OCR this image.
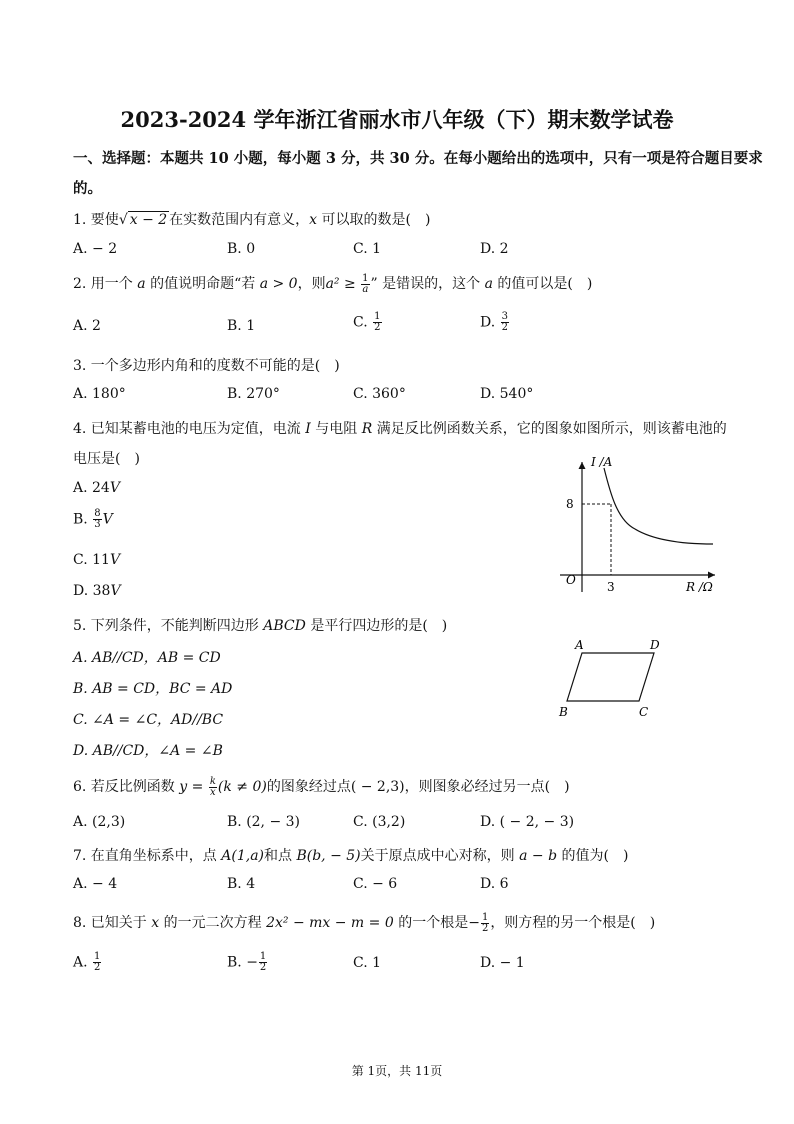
2023-2024 学年浙江省丽水市八年级（下）期末数学试卷
一、选择题：本题共 10 小题，每小题 3 分，共 30 分。在每小题给出的选项中，只有一项是符合题目要求
的。
1. 要使√ x − 2 在实数范围内有意义，x 可以取的数是(　)
A. − 2	B. 0	C. 1	D. 2
2. 用一个 a 的值说明命题“若 a > 0，则$a^2 \ge \frac{1}{a}$ ” 是错误的，这个 a 的值可以是(　)
A. 2	B. 1	C. $\frac{1}{2}$	D. $\frac{3}{2}$
3. 一个多边形内角和的度数不可能的是(　)
A. 180°	B. 270°	C. 360°	D. 540°
4. 已知某蓄电池的电压为定值，电流 I 与电阻 R 满足反比例函数关系，它的图象如图所示，则该蓄电池的
电压是(　)
A. 24V
B. $\frac{8}{3}$ V
C. 11V
D. 38V
I /A
R /Ω
O
8
3
5. 下列条件，不能判断四边形 ABCD 是平行四边形的是(　)
A. AB//CD，AB = CD
B. AB = CD，BC = AD
C. ∠A = ∠C，AD//BC
D. AB//CD，∠A = ∠B
A	D
B	C
6. 若反比例函数 $y = \frac{k}{x} (k \ne 0)$的图象经过点( − 2,3)，则图象必经过另一点(　)
A. (2,3)	B. (2, − 3)	C. (3,2)	D. ( − 2, − 3)
7. 在直角坐标系中，点 A(1,a)和点 B(b, − 5)关于原点成中心对称，则 a − b 的值为(　)
A. − 4	B. 4	C. − 6	D. 6
8. 已知关于 x 的一元二次方程 2x² − mx − m = 0 的一个根是− $\frac{1}{2}$ ，则方程的另一个根是(　)
A. $\frac{1}{2}$	B. − $\frac{1}{2}$	C. 1	D. − 1
第 1页，共 11页
